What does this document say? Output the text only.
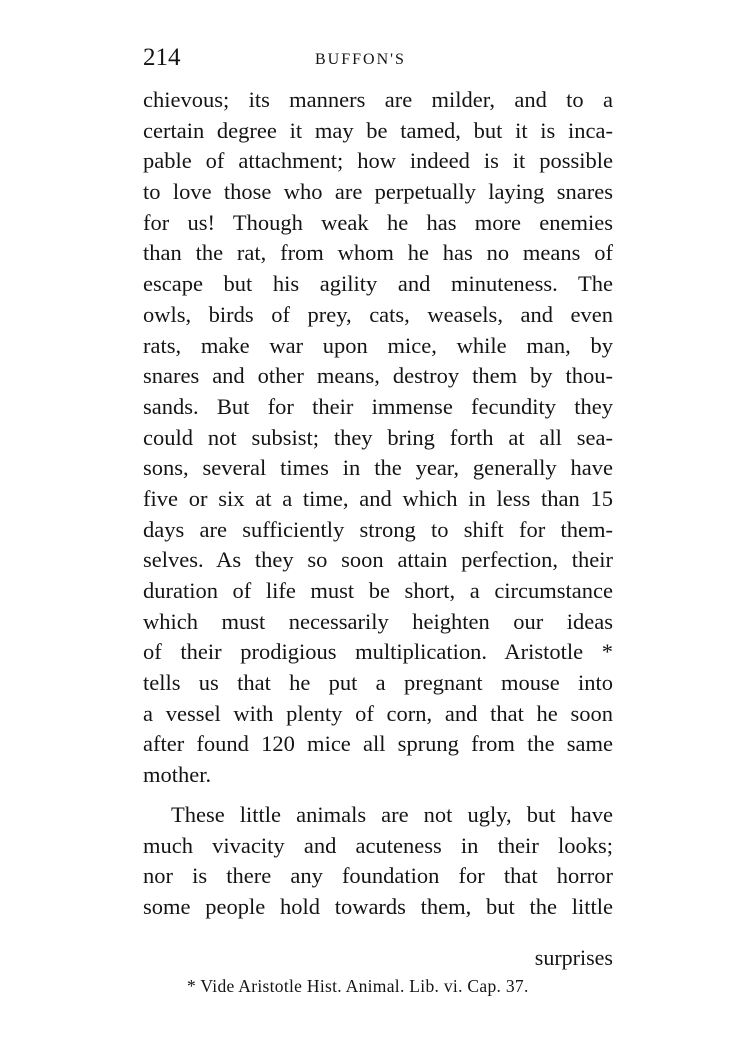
214	BUFFON'S
chievous; its manners are milder, and to a
certain degree it may be tamed, but it is inca-
pable of attachment; how indeed is it possible
to love those who are perpetually laying snares
for us! Though weak he has more enemies
than the rat, from whom he has no means of
escape but his agility and minuteness. The
owls, birds of prey, cats, weasels, and even
rats, make war upon mice, while man, by
snares and other means, destroy them by thou-
sands. But for their immense fecundity they
could not subsist; they bring forth at all sea-
sons, several times in the year, generally have
five or six at a time, and which in less than 15
days are sufficiently strong to shift for them-
selves. As they so soon attain perfection, their
duration of life must be short, a circumstance
which must necessarily heighten our ideas
of their prodigious multiplication. Aristotle *
tells us that he put a pregnant mouse into
a vessel with plenty of corn, and that he soon
after found 120 mice all sprung from the same
mother.
These little animals are not ugly, but have
much vivacity and acuteness in their looks;
nor is there any foundation for that horror
some people hold towards them, but the little
surprises
* Vide Aristotle Hist. Animal. Lib. vi. Cap. 37.
